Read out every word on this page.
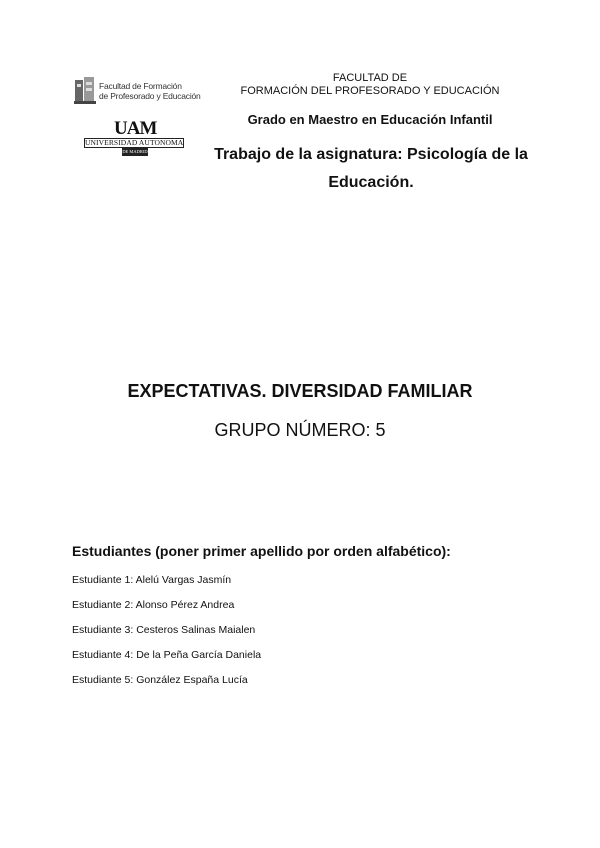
Facultad de Formación
de Profesorado y Educación
UAM
UNIVERSIDAD AUTONOMA
DE MADRID
FACULTAD DE
FORMACIÓN DEL PROFESORADO Y EDUCACIÓN
Grado en Maestro en Educación Infantil
Trabajo de la asignatura: Psicología de la Educación.
EXPECTATIVAS. DIVERSIDAD FAMILIAR
GRUPO NÚMERO: 5
Estudiantes (poner primer apellido por orden alfabético):
Estudiante 1: Alelú Vargas Jasmín
Estudiante 2: Alonso Pérez Andrea
Estudiante 3: Cesteros Salinas Maialen
Estudiante 4: De la Peña García Daniela
Estudiante 5: González España Lucía
